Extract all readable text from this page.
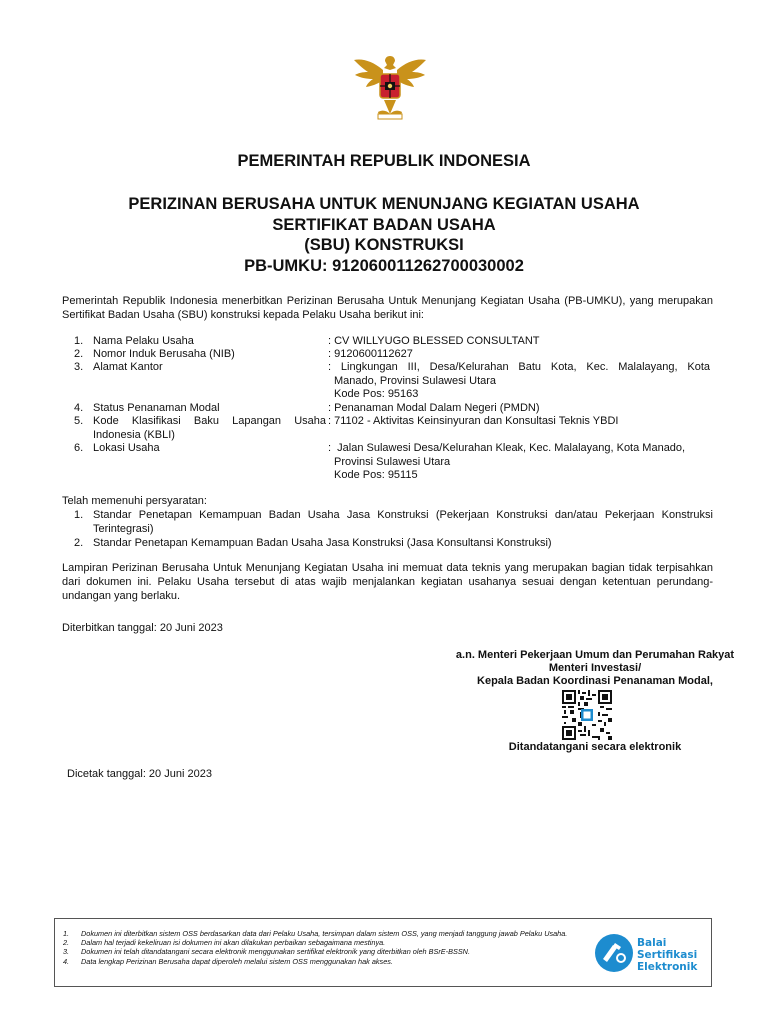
PEMERINTAH REPUBLIK INDONESIA
PERIZINAN BERUSAHA UNTUK MENUNJANG KEGIATAN USAHA
SERTIFIKAT BADAN USAHA
(SBU) KONSTRUKSI
PB-UMKU: 912060011262700030002
Pemerintah Republik Indonesia menerbitkan Perizinan Berusaha Untuk Menunjang Kegiatan Usaha (PB-UMKU), yang merupakan Sertifikat Badan Usaha (SBU) konstruksi kepada Pelaku Usaha berikut ini:
1. Nama Pelaku Usaha	: CV WILLYUGO BLESSED CONSULTANT
2. Nomor Induk Berusaha (NIB)	: 9120600112627
3. Alamat Kantor	: Lingkungan III, Desa/Kelurahan Batu Kota, Kec. Malalayang, Kota
Manado, Provinsi Sulawesi Utara
Kode Pos: 95163
4. Status Penanaman Modal	: Penanaman Modal Dalam Negeri (PMDN)
5. Kode Klasifikasi Baku Lapangan Usaha
Indonesia (KBLI)
: 71102 - Aktivitas Keinsinyuran dan Konsultasi Teknis YBDI
6. Lokasi Usaha	:  Jalan Sulawesi Desa/Kelurahan Kleak, Kec. Malalayang, Kota Manado,
Provinsi Sulawesi Utara
Kode Pos: 95115
Telah memenuhi persyaratan:
1. Standar Penetapan Kemampuan Badan Usaha Jasa Konstruksi (Pekerjaan Konstruksi dan/atau Pekerjaan Konstruksi Terintegrasi)
2. Standar Penetapan Kemampuan Badan Usaha Jasa Konstruksi (Jasa Konsultansi Konstruksi)
Lampiran Perizinan Berusaha Untuk Menunjang Kegiatan Usaha ini memuat data teknis yang merupakan bagian tidak terpisahkan dari dokumen ini. Pelaku Usaha tersebut di atas wajib menjalankan kegiatan usahanya sesuai dengan ketentuan perundang-undangan yang berlaku.
Diterbitkan tanggal: 20 Juni 2023
a.n. Menteri Pekerjaan Umum dan Perumahan Rakyat
Menteri Investasi/
Kepala Badan Koordinasi Penanaman Modal,
Ditandatangani secara elektronik
Dicetak tanggal: 20 Juni 2023
1. Dokumen ini diterbitkan sistem OSS berdasarkan data dari Pelaku Usaha, tersimpan dalam sistem OSS, yang menjadi tanggung jawab Pelaku Usaha.
2. Dalam hal terjadi kekeliruan isi dokumen ini akan dilakukan perbaikan sebagaimana mestinya.
3. Dokumen ini telah ditandatangani secara elektronik menggunakan sertifikat elektronik yang diterbitkan oleh BSrE-BSSN.
4. Data lengkap Perizinan Berusaha dapat diperoleh melalui sistem OSS menggunakan hak akses.
Balai
Sertifikasi
Elektronik
